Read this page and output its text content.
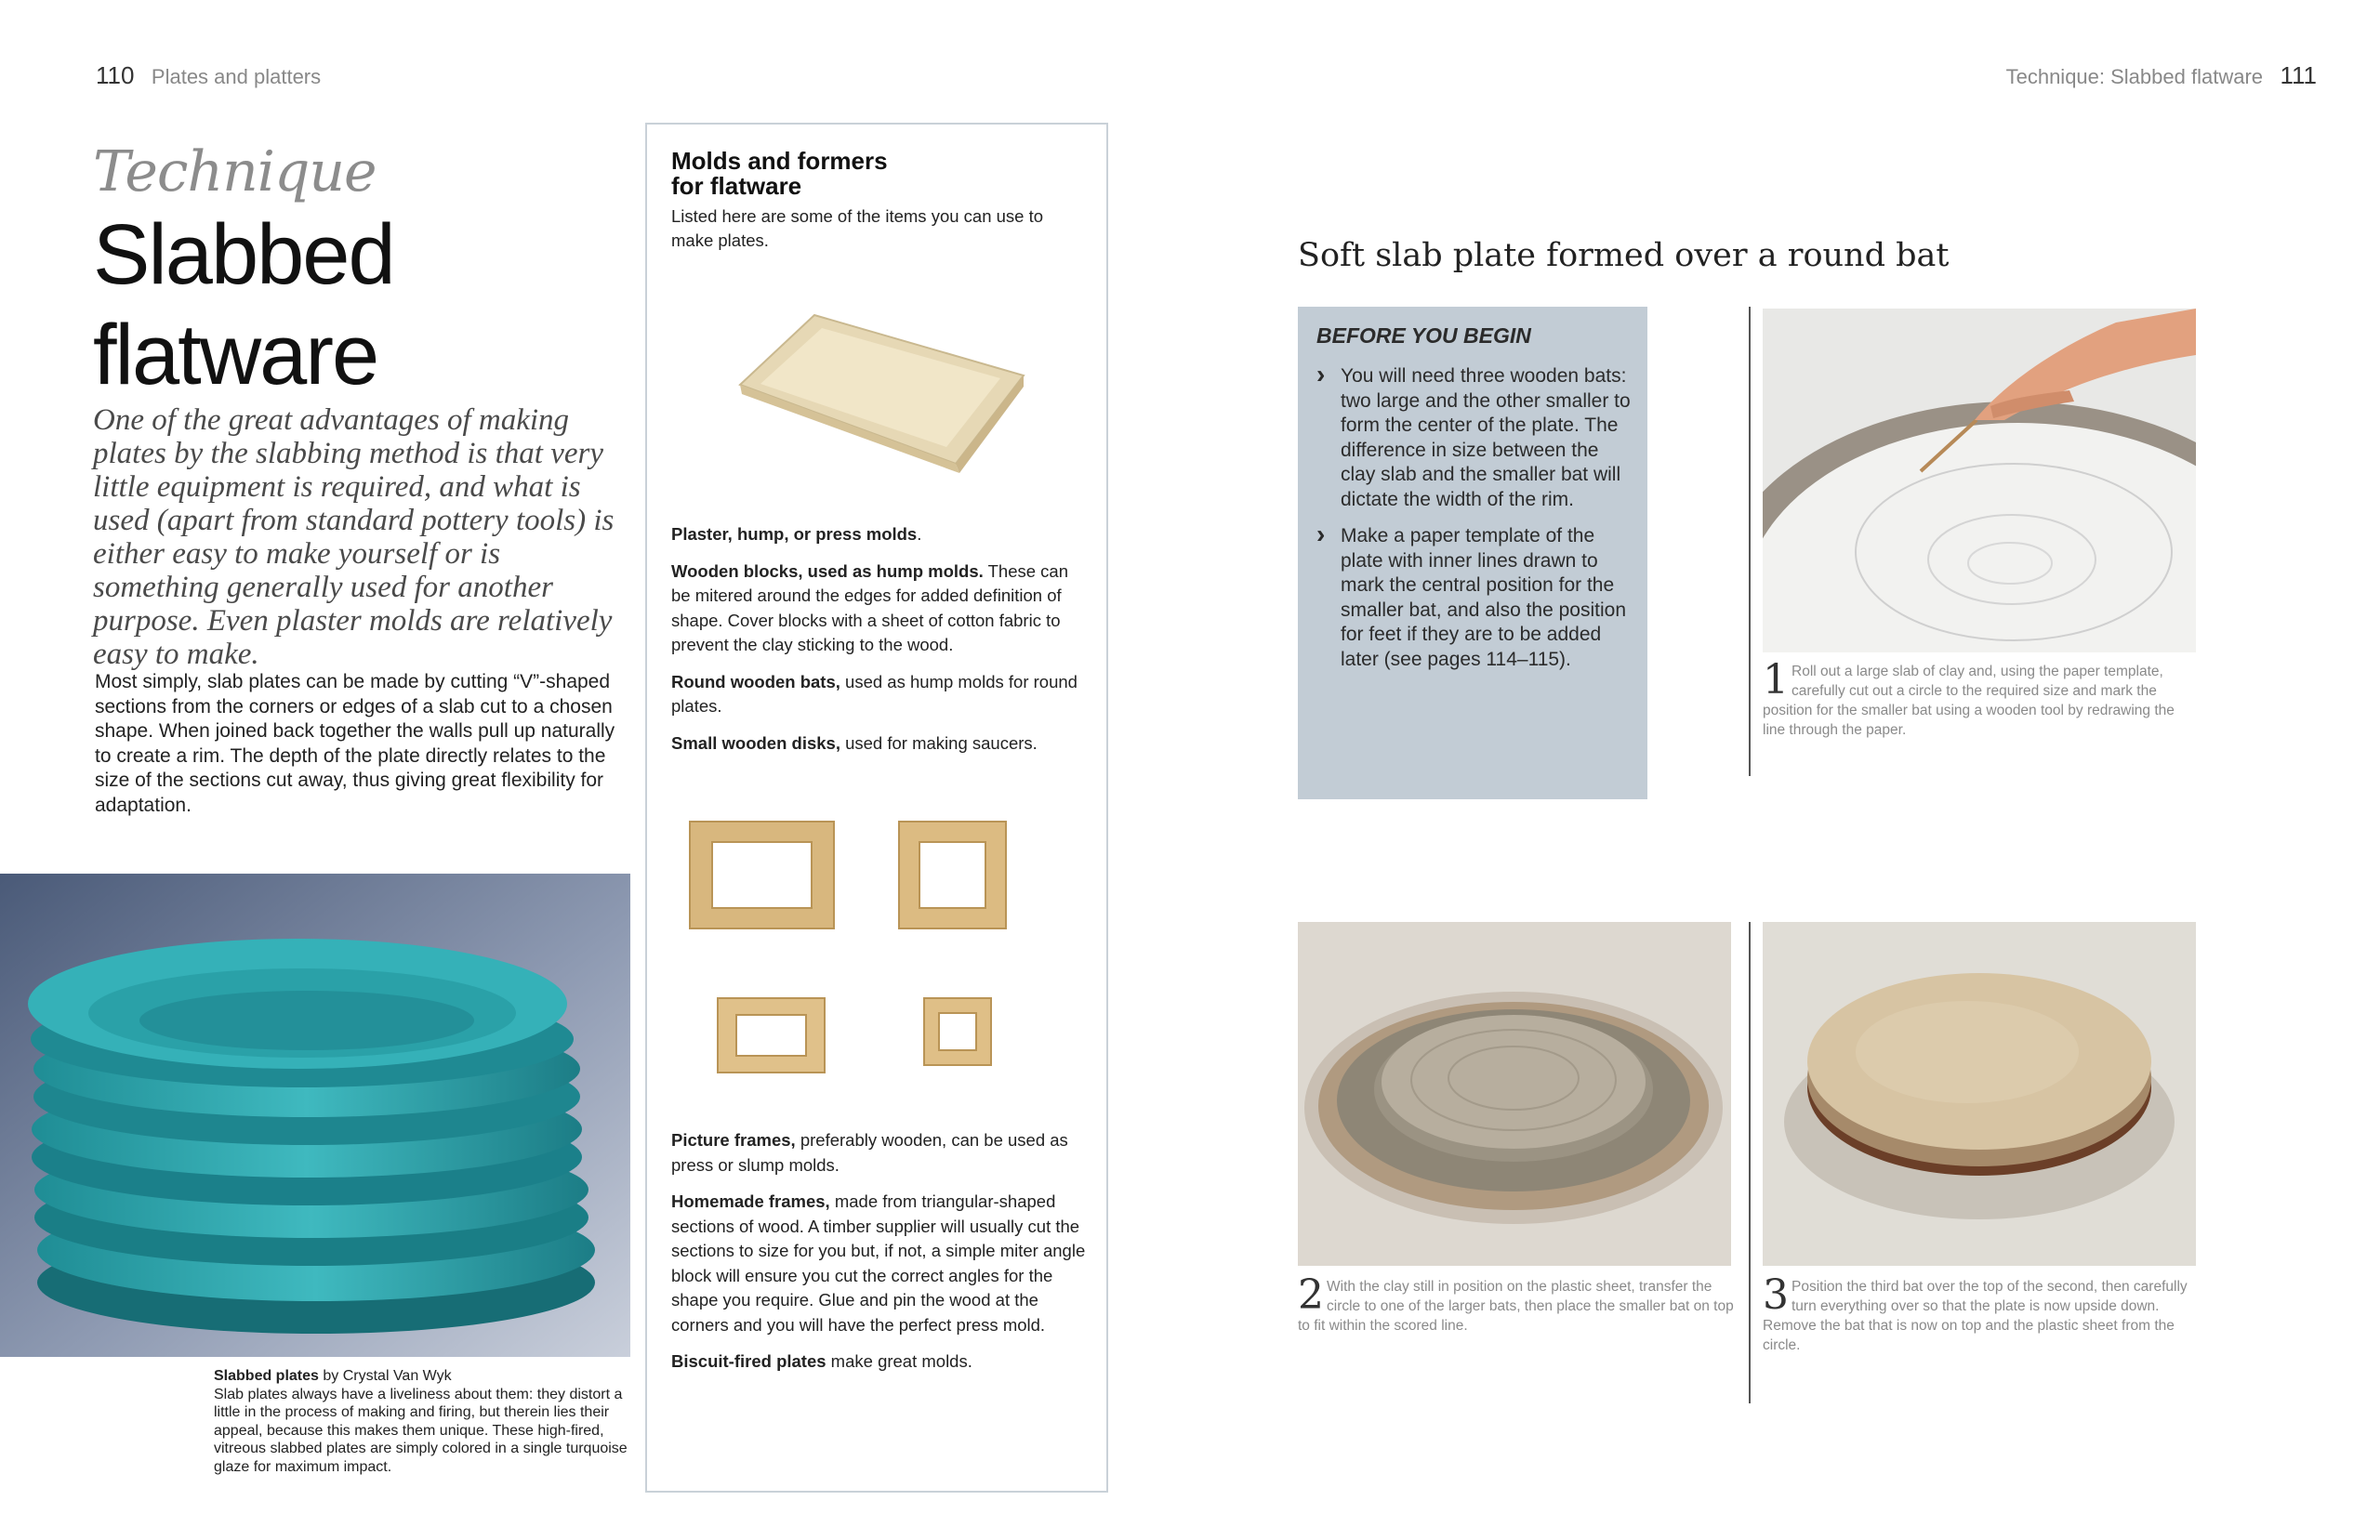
110 Plates and platters	Technique: Slabbed flatware 111
Technique
Slabbed
flatware
One of the great advantages of making plates by the slabbing method is that very little equipment is required, and what is used (apart from standard pottery tools) is either easy to make yourself or is something generally used for another purpose. Even plaster molds are relatively easy to make.
Most simply, slab plates can be made by cutting “V”-shaped sections from the corners or edges of a slab cut to a chosen shape. When joined back together the walls pull up naturally to create a rim. The depth of the plate directly relates to the size of the sections cut away, thus giving great flexibility for adaptation.
Slabbed plates by Crystal Van Wyk
Slab plates always have a liveliness about them: they distort a little in the process of making and firing, but therein lies their appeal, because this makes them unique. These high-fired, vitreous slabbed plates are simply colored in a single turquoise glaze for maximum impact.
Molds and formers
for flatware
Listed here are some of the items you can use to make plates.
Plaster, hump, or press molds.
Wooden blocks, used as hump molds. These can be mitered around the edges for added definition of shape. Cover blocks with a sheet of cotton fabric to prevent the clay sticking to the wood.
Round wooden bats, used as hump molds for round plates.
Small wooden disks, used for making saucers.
Picture frames, preferably wooden, can be used as press or slump molds.
Homemade frames, made from triangular-shaped sections of wood. A timber supplier will usually cut the sections to size for you but, if not, a simple miter angle block will ensure you cut the correct angles for the shape you require. Glue and pin the wood at the corners and you will have the perfect press mold.
Biscuit-fired plates make great molds.
Soft slab plate formed over a round bat
BEFORE YOU BEGIN
› You will need three wooden bats: two large and the other smaller to form the center of the plate. The difference in size between the clay slab and the smaller bat will dictate the width of the rim.
› Make a paper template of the plate with inner lines drawn to mark the central position for the smaller bat, and also the position for feet if they are to be added later (see pages 114–115).	1 Roll out a large slab of clay and, using the paper template, carefully cut out a circle to the required size and mark the position for the smaller bat using a wooden tool by redrawing the line through the paper.
2 With the clay still in position on the plastic sheet, transfer the circle to one of the larger bats, then place the smaller bat on top to fit within the scored line.
3 Position the third bat over the top of the second, then carefully turn everything over so that the plate is now upside down. Remove the bat that is now on top and the plastic sheet from the circle.
